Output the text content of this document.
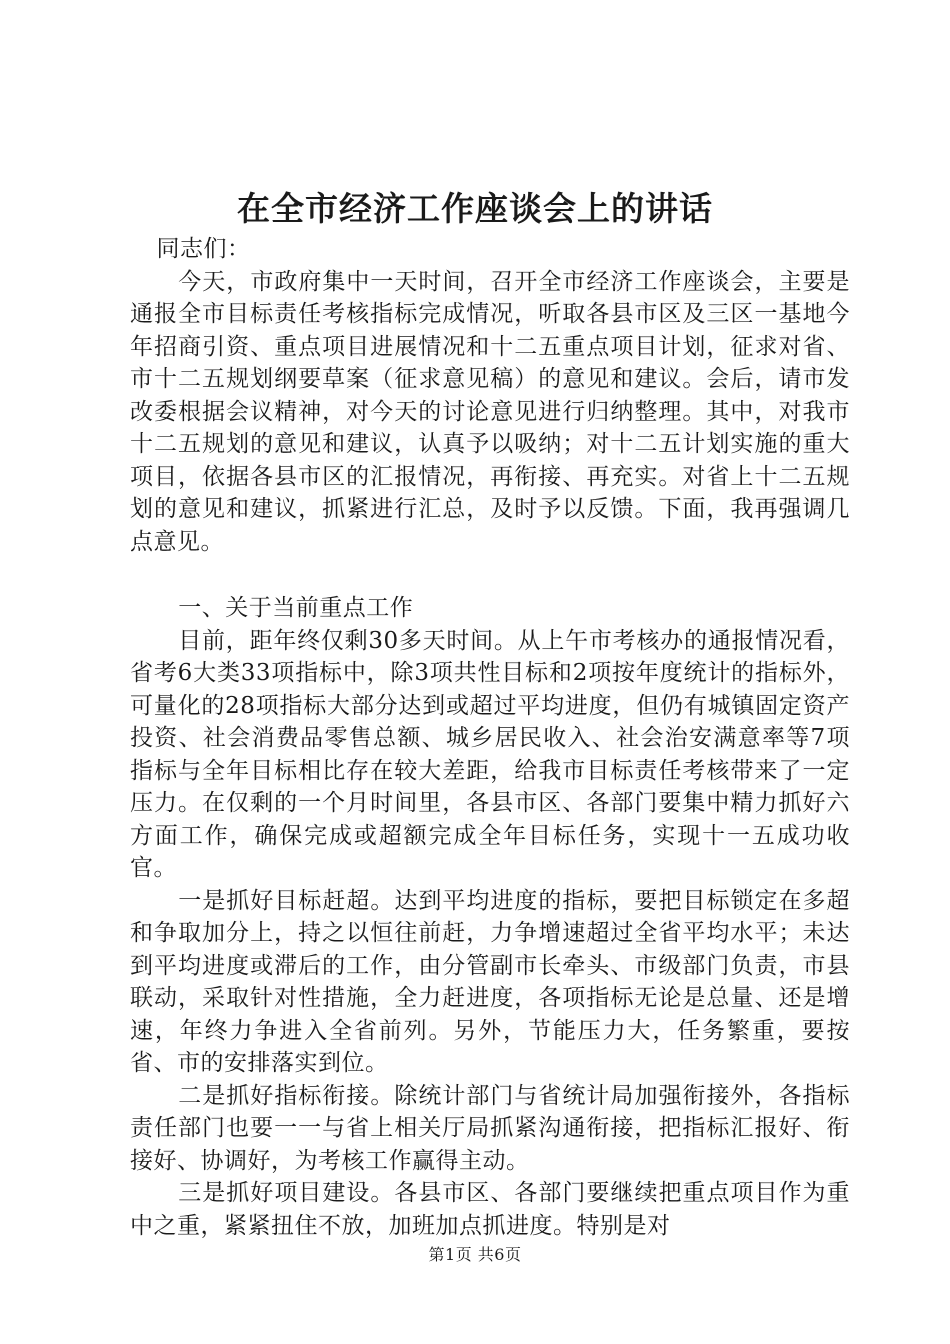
在全市经济工作座谈会上的讲话

同志们：

今天，市政府集中一天时间，召开全市经济工作座谈会，主要是通报全市目标责任考核指标完成情况，听取各县市区及三区一基地今年招商引资、重点项目进展情况和十二五重点项目计划，征求对省、市十二五规划纲要草案（征求意见稿）的意见和建议。会后，请市发改委根据会议精神，对今天的讨论意见进行归纳整理。其中，对我市十二五规划的意见和建议，认真予以吸纳；对十二五计划实施的重大项目，依据各县市区的汇报情况，再衔接、再充实。对省上十二五规划的意见和建议，抓紧进行汇总，及时予以反馈。下面，我再强调几点意见。

一、关于当前重点工作

目前，距年终仅剩30多天时间。从上午市考核办的通报情况看，省考6大类33项指标中，除3项共性目标和2项按年度统计的指标外，可量化的28项指标大部分达到或超过平均进度，但仍有城镇固定资产投资、社会消费品零售总额、城乡居民收入、社会治安满意率等7项指标与全年目标相比存在较大差距，给我市目标责任考核带来了一定压力。在仅剩的一个月时间里，各县市区、各部门要集中精力抓好六方面工作，确保完成或超额完成全年目标任务，实现十一五成功收官。

一是抓好目标赶超。达到平均进度的指标，要把目标锁定在多超和争取加分上，持之以恒往前赶，力争增速超过全省平均水平；未达到平均进度或滞后的工作，由分管副市长牵头、市级部门负责，市县联动，采取针对性措施，全力赶进度，各项指标无论是总量、还是增速，年终力争进入全省前列。另外，节能压力大，任务繁重，要按省、市的安排落实到位。

二是抓好指标衔接。除统计部门与省统计局加强衔接外，各指标责任部门也要一一与省上相关厅局抓紧沟通衔接，把指标汇报好、衔接好、协调好，为考核工作赢得主动。

三是抓好项目建设。各县市区、各部门要继续把重点项目作为重中之重，紧紧扭住不放，加班加点抓进度。特别是对

第1页 共6页
